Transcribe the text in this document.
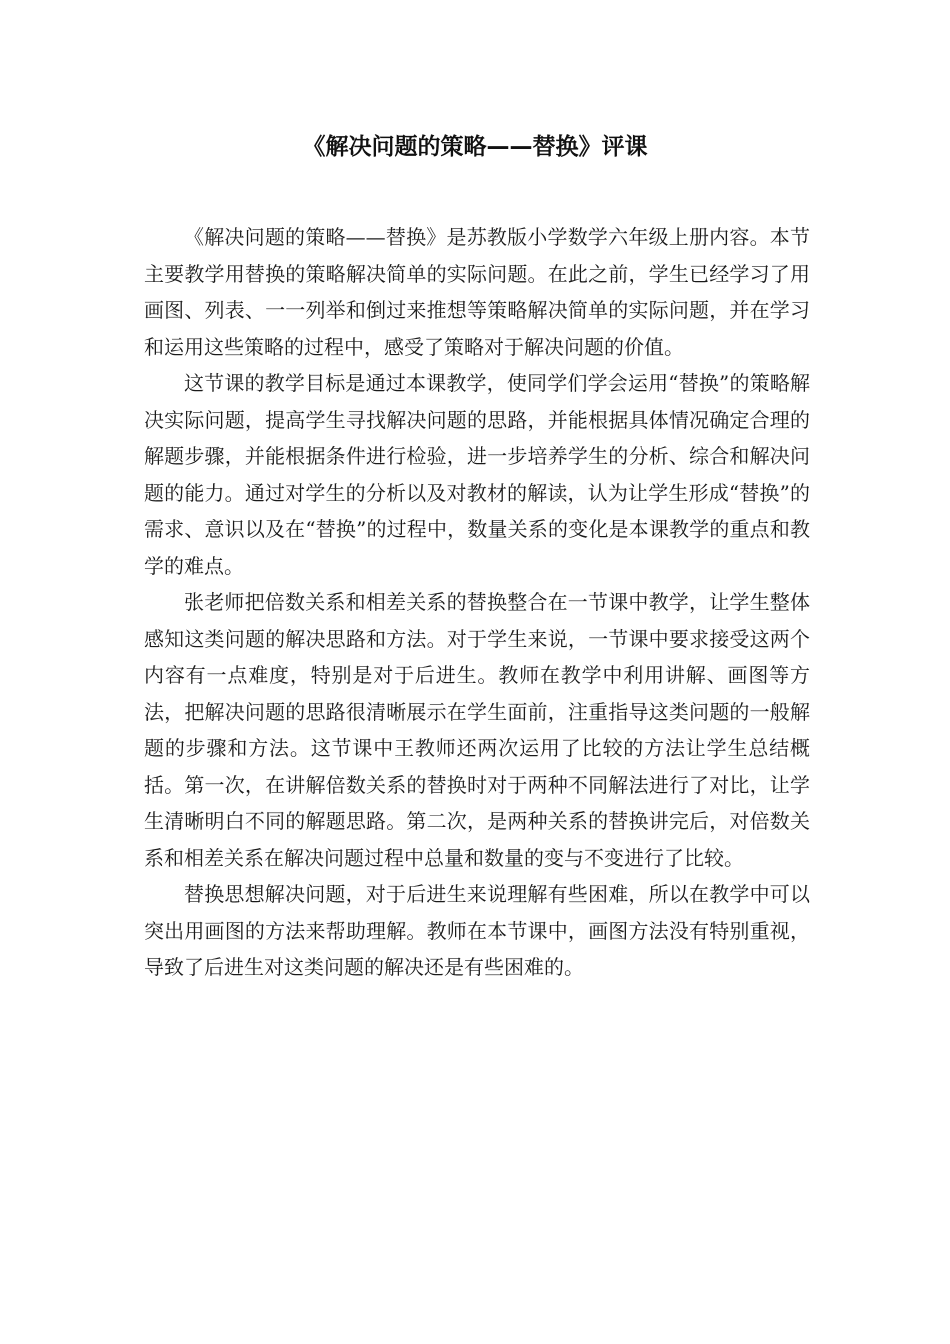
《解决问题的策略——替换》评课

《解决问题的策略——替换》是苏教版小学数学六年级上册内容。本节主要教学用替换的策略解决简单的实际问题。在此之前，学生已经学习了用画图、列表、一一列举和倒过来推想等策略解决简单的实际问题，并在学习和运用这些策略的过程中，感受了策略对于解决问题的价值。

这节课的教学目标是通过本课教学，使同学们学会运用“替换”的策略解决实际问题，提高学生寻找解决问题的思路，并能根据具体情况确定合理的解题步骤，并能根据条件进行检验，进一步培养学生的分析、综合和解决问题的能力。通过对学生的分析以及对教材的解读，认为让学生形成“替换”的需求、意识以及在“替换”的过程中，数量关系的变化是本课教学的重点和教学的难点。

张老师把倍数关系和相差关系的替换整合在一节课中教学，让学生整体感知这类问题的解决思路和方法。对于学生来说，一节课中要求接受这两个内容有一点难度，特别是对于后进生。教师在教学中利用讲解、画图等方法，把解决问题的思路很清晰展示在学生面前，注重指导这类问题的一般解题的步骤和方法。这节课中王教师还两次运用了比较的方法让学生总结概括。第一次，在讲解倍数关系的替换时对于两种不同解法进行了对比，让学生清晰明白不同的解题思路。第二次，是两种关系的替换讲完后，对倍数关系和相差关系在解决问题过程中总量和数量的变与不变进行了比较。

替换思想解决问题，对于后进生来说理解有些困难，所以在教学中可以突出用画图的方法来帮助理解。教师在本节课中，画图方法没有特别重视，导致了后进生对这类问题的解决还是有些困难的。
